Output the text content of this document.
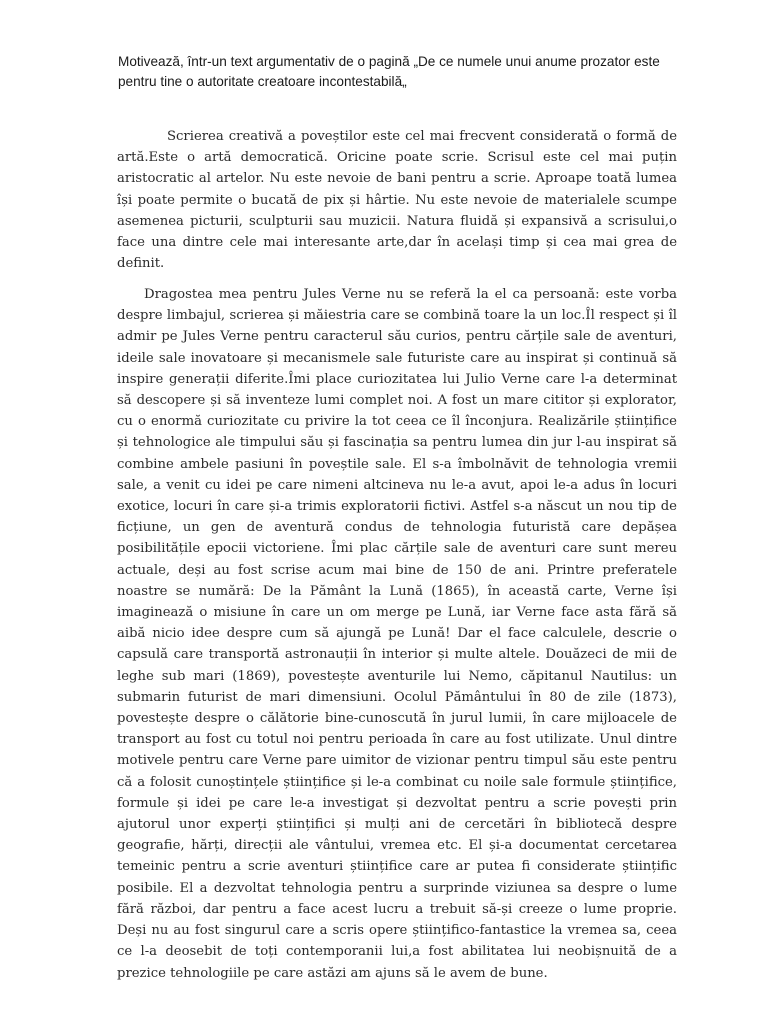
Motivează, într-un text argumentativ de o pagină „De ce numele unui anume prozator este pentru tine o autoritate creatoare incontestabilă„

Scrierea creativă a poveștilor este cel mai frecvent considerată o formă de artă.Este o artă democratică. Oricine poate scrie. Scrisul este cel mai puțin aristocratic al artelor. Nu este nevoie de bani pentru a scrie. Aproape toată lumea își poate permite o bucată de pix și hârtie. Nu este nevoie de materialele scumpe asemenea picturii, sculpturii sau muzicii. Natura fluidă și expansivă a scrisului,o face una dintre cele mai interesante arte,dar în același timp și cea mai grea de definit.

Dragostea mea pentru Jules Verne nu se referă la el ca persoană: este vorba despre limbajul, scrierea și măiestria care se combină toare la un loc.Îl respect și îl admir pe Jules Verne pentru caracterul său curios, pentru cărțile sale de aventuri, ideile sale inovatoare și mecanismele sale futuriste care au inspirat și continuă să inspire generații diferite.Îmi place curiozitatea lui Julio Verne care l-a determinat să descopere și să inventeze lumi complet noi. A fost un mare cititor și explorator, cu o enormă curiozitate cu privire la tot ceea ce îl înconjura. Realizările științifice și tehnologice ale timpului său și fascinația sa pentru lumea din jur l-au inspirat să combine ambele pasiuni în poveștile sale. El s-a îmbolnăvit de tehnologia vremii sale, a venit cu idei pe care nimeni altcineva nu le-a avut, apoi le-a adus în locuri exotice, locuri în care și-a trimis exploratorii fictivi. Astfel s-a născut un nou tip de ficțiune, un gen de aventură condus de tehnologia futuristă care depășea posibilitățile epocii victoriene. Îmi plac cărțile sale de aventuri care sunt mereu actuale, deși au fost scrise acum mai bine de 150 de ani. Printre preferatele noastre se numără: De la Pământ la Lună (1865), în această carte, Verne își imaginează o misiune în care un om merge pe Lună, iar Verne face asta fără să aibă nicio idee despre cum să ajungă pe Lună! Dar el face calculele, descrie o capsulă care transportă astronauții în interior și multe altele. Douăzeci de mii de leghe sub mari (1869), povestește aventurile lui Nemo, căpitanul Nautilus: un submarin futurist de mari dimensiuni. Ocolul Pământului în 80 de zile (1873), povestește despre o călătorie bine-cunoscută în jurul lumii, în care mijloacele de transport au fost cu totul noi pentru perioada în care au fost utilizate. Unul dintre motivele pentru care Verne pare uimitor de vizionar pentru timpul său este pentru că a folosit cunoștințele științifice și le-a combinat cu noile sale formule științifice, formule și idei pe care le-a investigat și dezvoltat pentru a scrie povești prin ajutorul unor experți științifici și mulți ani de cercetări în bibliotecă despre geografie, hărți, direcții ale vântului, vremea etc. El și-a documentat cercetarea temeinic pentru a scrie aventuri științifice care ar putea fi considerate științific posibile. El a dezvoltat tehnologia pentru a surprinde viziunea sa despre o lume fără război, dar pentru a face acest lucru a trebuit să-și creeze o lume proprie. Deși nu au fost singurul care a scris opere științifico-fantastice la vremea sa, ceea ce l-a deosebit de toți contemporanii lui,a fost abilitatea lui neobișnuită de a prezice tehnologiile pe care astăzi am ajuns să le avem de bune.
